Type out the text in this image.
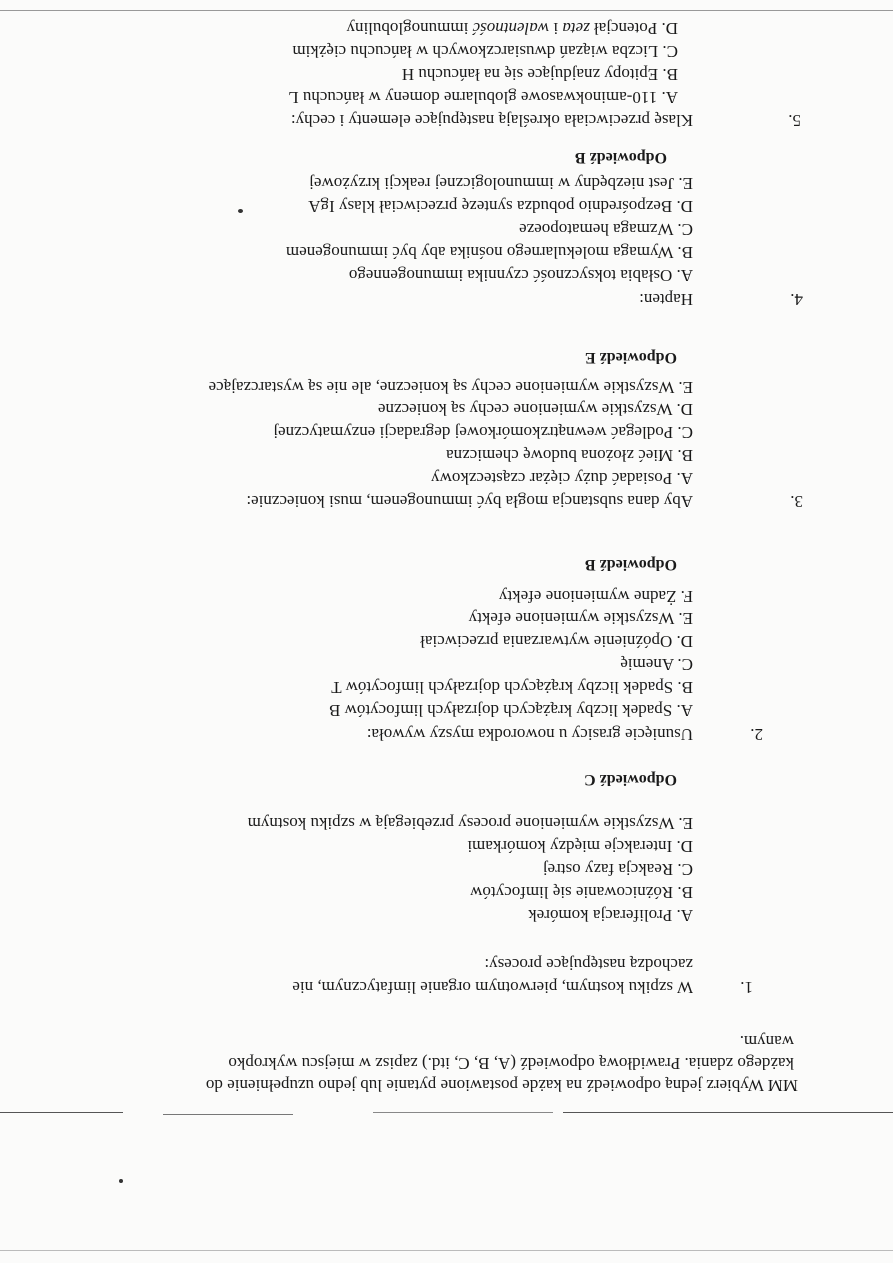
MM Wybierz jedną odpowiedź na każde postawione pytanie lub jedno uzupełnienie do
każdego zdania. Prawidłową odpowiedź (A, B, C, itd.) zapisz w miejscu wykropko
wanym.
1.
W szpiku kostnym, pierwotnym organie limfatycznym, nie
zachodzą następujące procesy:
A. Proliferacja komórek
B. Różnicowanie się limfocytów
C. Reakcja fazy ostrej
D. Interakcje między komórkami
E. Wszystkie wymienione procesy przebiegają w szpiku kostnym
Odpowiedź C
2.
Usunięcie grasicy u noworodka myszy wywoła:
A. Spadek liczby krążących dojrzałych limfocytów B
B. Spadek liczby krążących dojrzałych limfocytów T
C. Anemię
D. Opóźnienie wytwarzania przeciwciał
E. Wszystkie wymienione efekty
F. Żadne wymienione efekty
Odpowiedź B
3.
Aby dana substancja mogła być immunogenem, musi koniecznie:
A. Posiadać duży ciężar cząsteczkowy
B. Mieć złożona budowę chemiczna
C. Podlegać wewnątrzkomórkowej degradacji enzymatycznej
D. Wszystkie wymienione cechy są konieczne
E. Wszystkie wymienione cechy są konieczne, ale nie są wystarczające
Odpowiedź E
4.
Hapten:
A. Osłabia toksyczność czynnika immunogennego
B. Wymaga molekularnego nośnika aby być immunogenem
C. Wzmaga hematopoeze
D. Bezpośrednio pobudza syntezę przeciwciał klasy IgA
E. Jest niezbędny w immunologicznej reakcji krzyżowej
Odpowiedź B
5.
Klasę przeciwciała określają następujące elementy i cechy:
A. 110-aminokwasowe globularne domeny w łańcuchu L
B. Epitopy znajdujące się na łańcuchu H
C. Liczba wiązań dwusiarczkowych w łańcuchu ciężkim
D. Potencjał zeta i walentność immunoglobuliny
